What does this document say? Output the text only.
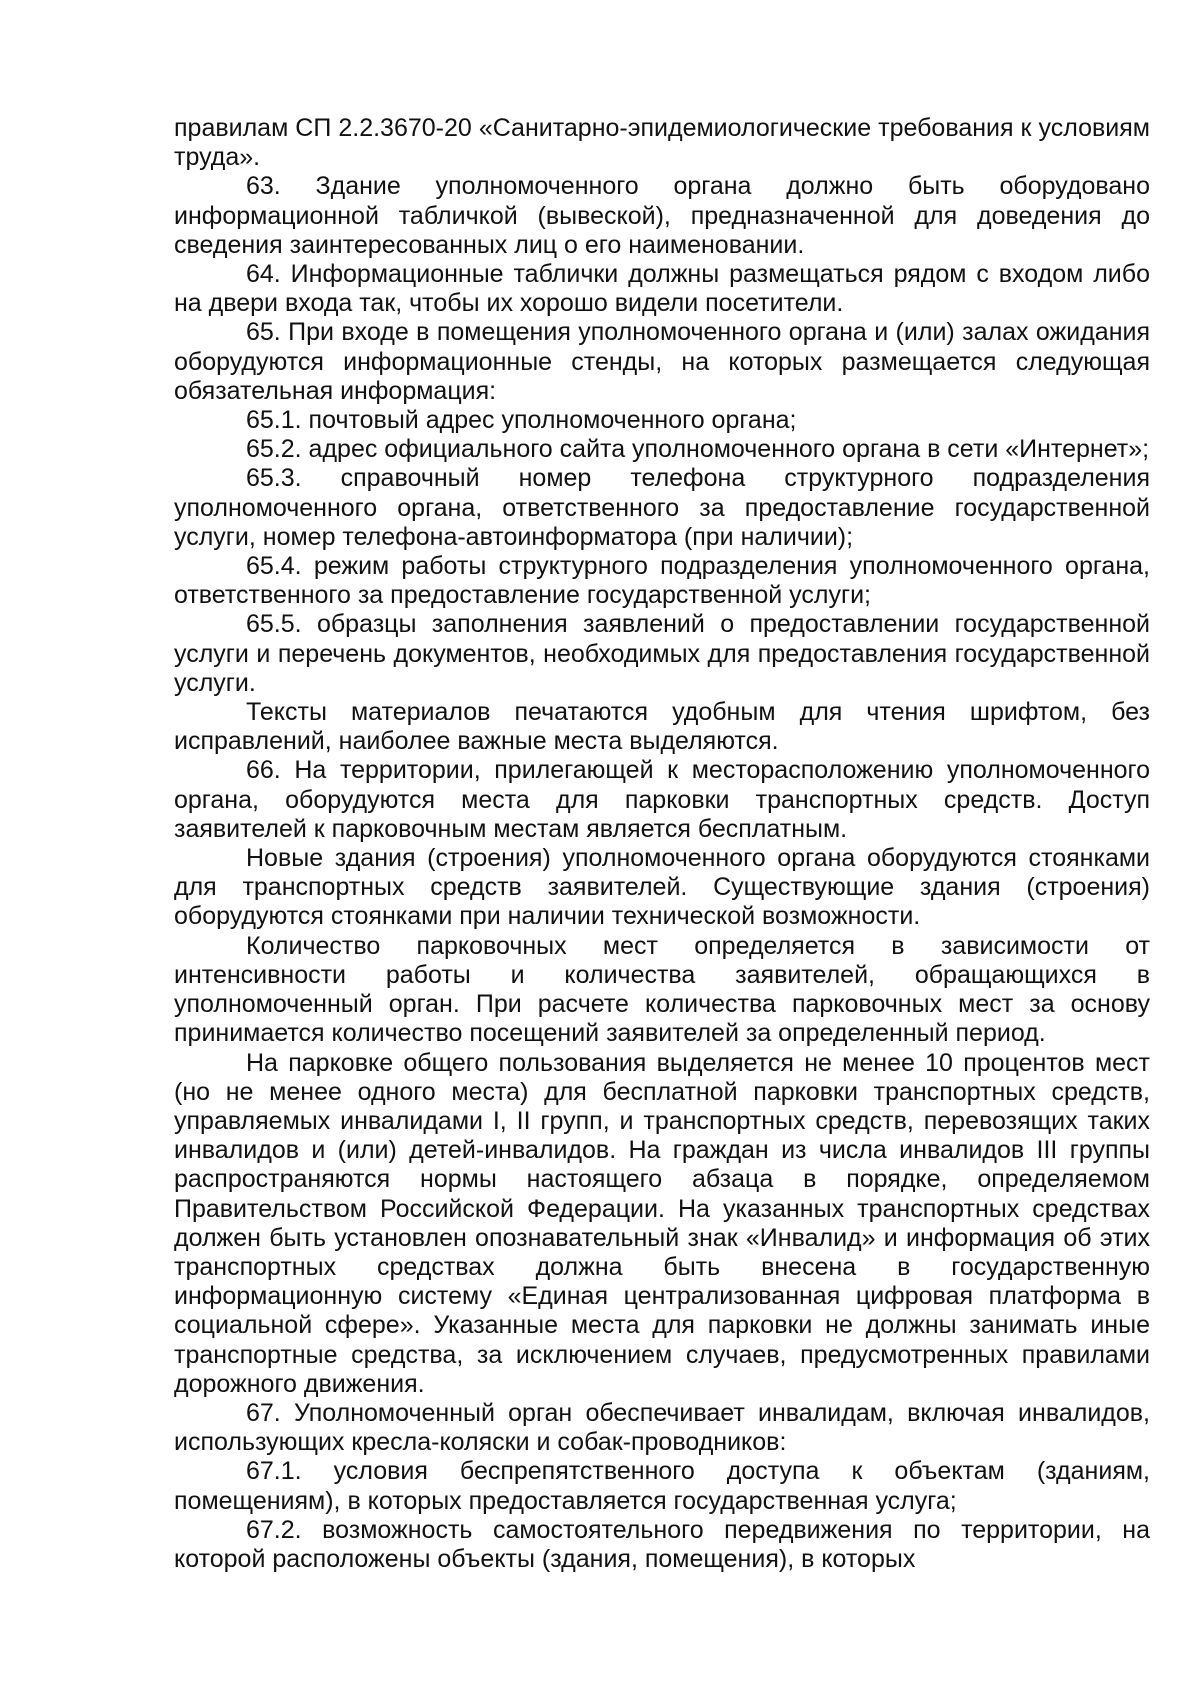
правилам СП 2.2.3670-20 «Санитарно-эпидемиологические требования к условиям труда».

63. Здание уполномоченного органа должно быть оборудовано информационной табличкой (вывеской), предназначенной для доведения до сведения заинтересованных лиц о его наименовании.

64. Информационные таблички должны размещаться рядом с входом либо на двери входа так, чтобы их хорошо видели посетители.

65. При входе в помещения уполномоченного органа и (или) залах ожидания оборудуются информационные стенды, на которых размещается следующая обязательная информация:

65.1. почтовый адрес уполномоченного органа;

65.2. адрес официального сайта уполномоченного органа в сети «Интернет»;

65.3. справочный номер телефона структурного подразделения уполномоченного органа, ответственного за предоставление государственной услуги, номер телефона-автоинформатора (при наличии);

65.4. режим работы структурного подразделения уполномоченного органа, ответственного за предоставление государственной услуги;

65.5. образцы заполнения заявлений о предоставлении государственной услуги и перечень документов, необходимых для предоставления государственной услуги.

Тексты материалов печатаются удобным для чтения шрифтом, без исправлений, наиболее важные места выделяются.

66. На территории, прилегающей к месторасположению уполномоченного органа, оборудуются места для парковки транспортных средств. Доступ заявителей к парковочным местам является бесплатным.

Новые здания (строения) уполномоченного органа оборудуются стоянками для транспортных средств заявителей. Существующие здания (строения) оборудуются стоянками при наличии технической возможности.

Количество парковочных мест определяется в зависимости от интенсивности работы и количества заявителей, обращающихся в уполномоченный орган. При расчете количества парковочных мест за основу принимается количество посещений заявителей за определенный период.

На парковке общего пользования выделяется не менее 10 процентов мест (но не менее одного места) для бесплатной парковки транспортных средств, управляемых инвалидами I, II групп, и транспортных средств, перевозящих таких инвалидов и (или) детей-инвалидов. На граждан из числа инвалидов III группы распространяются нормы настоящего абзаца в порядке, определяемом Правительством Российской Федерации. На указанных транспортных средствах должен быть установлен опознавательный знак «Инвалид» и информация об этих транспортных средствах должна быть внесена в государственную информационную систему «Единая централизованная цифровая платформа в социальной сфере». Указанные места для парковки не должны занимать иные транспортные средства, за исключением случаев, предусмотренных правилами дорожного движения.

67. Уполномоченный орган обеспечивает инвалидам, включая инвалидов, использующих кресла-коляски и собак-проводников:

67.1. условия беспрепятственного доступа к объектам (зданиям, помещениям), в которых предоставляется государственная услуга;

67.2. возможность самостоятельного передвижения по территории, на которой расположены объекты (здания, помещения), в которых
